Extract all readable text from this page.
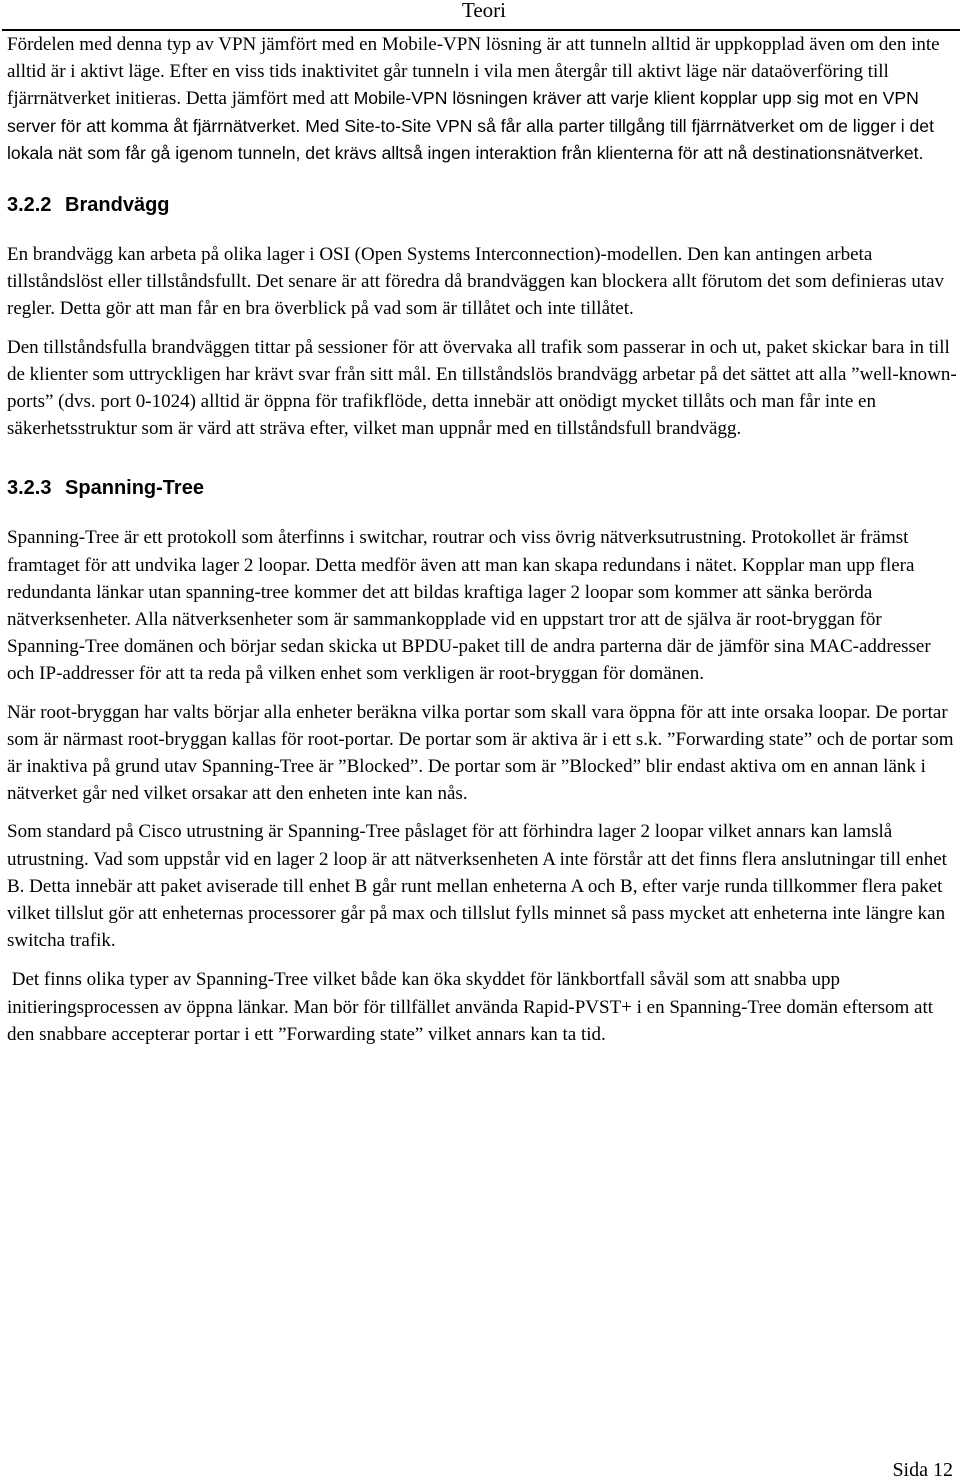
Teori

Fördelen med denna typ av VPN jämfört med en Mobile-VPN lösning är att tunneln alltid är uppkopplad även om den inte alltid är i aktivt läge. Efter en viss tids inaktivitet går tunneln i vila men återgår till aktivt läge när dataöverföring till fjärrnätverket initieras. Detta jämfört med att Mobile-VPN lösningen kräver att varje klient kopplar upp sig mot en VPN server för att komma åt fjärrnätverket. Med Site-to-Site VPN så får alla parter tillgång till fjärrnätverket om de ligger i det lokala nät som får gå igenom tunneln, det krävs alltså ingen interaktion från klienterna för att nå destinationsnätverket.

3.2.2 Brandvägg

En brandvägg kan arbeta på olika lager i OSI (Open Systems Interconnection)-modellen. Den kan antingen arbeta tillståndslöst eller tillståndsfullt. Det senare är att föredra då brandväggen kan blockera allt förutom det som definieras utav regler. Detta gör att man får en bra överblick på vad som är tillåtet och inte tillåtet.

Den tillståndsfulla brandväggen tittar på sessioner för att övervaka all trafik som passerar in och ut, paket skickar bara in till de klienter som uttryckligen har krävt svar från sitt mål. En tillståndslös brandvägg arbetar på det sättet att alla ”well-known-ports” (dvs. port 0-1024) alltid är öppna för trafikflöde, detta innebär att onödigt mycket tillåts och man får inte en säkerhetsstruktur som är värd att sträva efter, vilket man uppnår med en tillståndsfull brandvägg.

3.2.3 Spanning-Tree

Spanning-Tree är ett protokoll som återfinns i switchar, routrar och viss övrig nätverksutrustning. Protokollet är främst framtaget för att undvika lager 2 loopar. Detta medför även att man kan skapa redundans i nätet. Kopplar man upp flera redundanta länkar utan spanning-tree kommer det att bildas kraftiga lager 2 loopar som kommer att sänka berörda nätverksenheter. Alla nätverksenheter som är sammankopplade vid en uppstart tror att de själva är root-bryggan för Spanning-Tree domänen och börjar sedan skicka ut BPDU-paket till de andra parterna där de jämför sina MAC-addresser och IP-addresser för att ta reda på vilken enhet som verkligen är root-bryggan för domänen.

När root-bryggan har valts börjar alla enheter beräkna vilka portar som skall vara öppna för att inte orsaka loopar. De portar som är närmast root-bryggan kallas för root-portar. De portar som är aktiva är i ett s.k. ”Forwarding state” och de portar som är inaktiva på grund utav Spanning-Tree är ”Blocked”. De portar som är ”Blocked” blir endast aktiva om en annan länk i nätverket går ned vilket orsakar att den enheten inte kan nås.

Som standard på Cisco utrustning är Spanning-Tree påslaget för att förhindra lager 2 loopar vilket annars kan lamslå utrustning. Vad som uppstår vid en lager 2 loop är att nätverksenheten A inte förstår att det finns flera anslutningar till enhet B. Detta innebär att paket aviserade till enhet B går runt mellan enheterna A och B, efter varje runda tillkommer flera paket vilket tillslut gör att enheternas processorer går på max och tillslut fylls minnet så pass mycket att enheterna inte längre kan switcha trafik.

Det finns olika typer av Spanning-Tree vilket både kan öka skyddet för länkbortfall såväl som att snabba upp initieringsprocessen av öppna länkar. Man bör för tillfället använda Rapid-PVST+ i en Spanning-Tree domän eftersom att den snabbare accepterar portar i ett ”Forwarding state” vilket annars kan ta tid.

Sida 12
